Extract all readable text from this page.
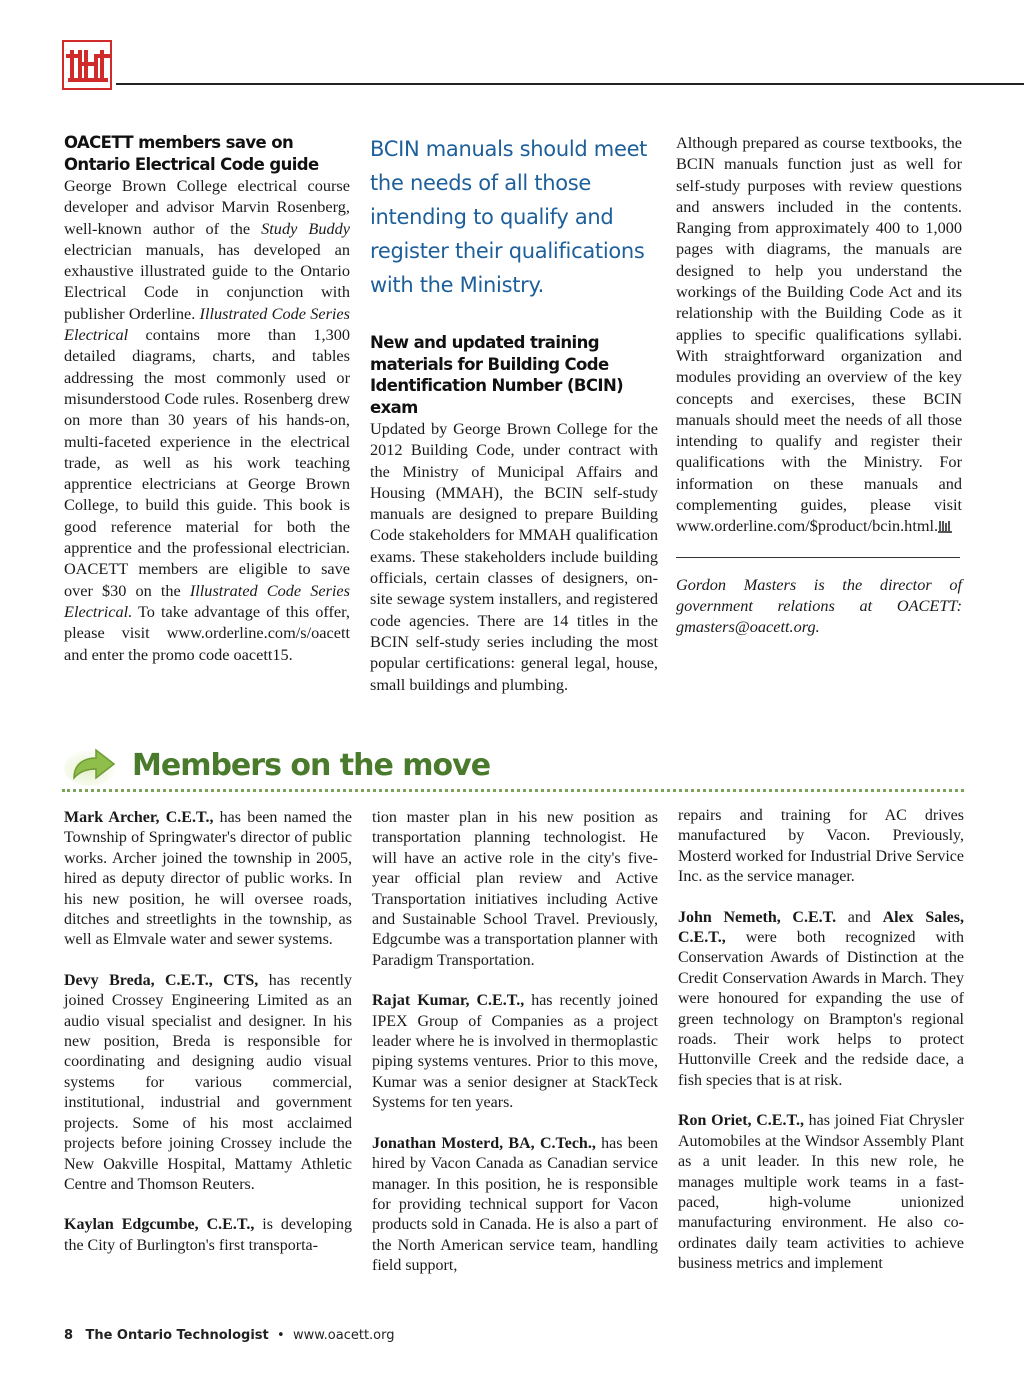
OACETT members save on Ontario Electrical Code guide

George Brown College electrical course developer and advisor Marvin Rosenberg, well-known author of the Study Buddy electrician manuals, has developed an exhaustive illustrated guide to the Ontario Electrical Code in conjunction with publisher Orderline. Illustrated Code Series Electrical contains more than 1,300 detailed diagrams, charts, and tables addressing the most commonly used or misunderstood Code rules. Rosenberg drew on more than 30 years of his hands-on, multi-faceted experience in the electrical trade, as well as his work teaching apprentice electricians at George Brown College, to build this guide. This book is good reference material for both the apprentice and the professional electrician. OACETT members are eligible to save over $30 on the Illustrated Code Series Electrical. To take advantage of this offer, please visit www.orderline.com/s/oacett and enter the promo code oacett15.

BCIN manuals should meet the needs of all those intending to qualify and register their qualifications with the Ministry.

New and updated training materials for Building Code Identification Number (BCIN) exam

Updated by George Brown College for the 2012 Building Code, under contract with the Ministry of Municipal Affairs and Housing (MMAH), the BCIN self-study manuals are designed to prepare Building Code stakeholders for MMAH qualification exams. These stakeholders include building officials, certain classes of designers, on-site sewage system installers, and registered code agencies. There are 14 titles in the BCIN self-study series including the most popular certifications: general legal, house, small buildings and plumbing.

Although prepared as course textbooks, the BCIN manuals function just as well for self-study purposes with review questions and answers included in the contents. Ranging from approximately 400 to 1,000 pages with diagrams, the manuals are designed to help you understand the workings of the Building Code Act and its relationship with the Building Code as it applies to specific qualifications syllabi. With straightforward organization and modules providing an overview of the key concepts and exercises, these BCIN manuals should meet the needs of all those intending to qualify and register their qualifications with the Ministry. For information on these manuals and complementing guides, please visit www.orderline.com/$product/bcin.html.

Gordon Masters is the director of government relations at OACETT: gmasters@oacett.org.

Members on the move

Mark Archer, C.E.T., has been named the Township of Springwater's director of public works. Archer joined the township in 2005, hired as deputy director of public works. In his new position, he will oversee roads, ditches and streetlights in the township, as well as Elmvale water and sewer systems.

Devy Breda, C.E.T., CTS, has recently joined Crossey Engineering Limited as an audio visual specialist and designer. In his new position, Breda is responsible for coordinating and designing audio visual systems for various commercial, institutional, industrial and government projects. Some of his most acclaimed projects before joining Crossey include the New Oakville Hospital, Mattamy Athletic Centre and Thomson Reuters.

Kaylan Edgcumbe, C.E.T., is developing the City of Burlington's first transporta-

tion master plan in his new position as transportation planning technologist. He will have an active role in the city's five-year official plan review and Active Transportation initiatives including Active and Sustainable School Travel. Previously, Edgcumbe was a transportation planner with Paradigm Transportation.

Rajat Kumar, C.E.T., has recently joined IPEX Group of Companies as a project leader where he is involved in thermoplastic piping systems ventures. Prior to this move, Kumar was a senior designer at StackTeck Systems for ten years.

Jonathan Mosterd, BA, C.Tech., has been hired by Vacon Canada as Canadian service manager. In this position, he is responsible for providing technical support for Vacon products sold in Canada. He is also a part of the North American service team, handling field support,

repairs and training for AC drives manufactured by Vacon. Previously, Mosterd worked for Industrial Drive Service Inc. as the service manager.

John Nemeth, C.E.T. and Alex Sales, C.E.T., were both recognized with Conservation Awards of Distinction at the Credit Conservation Awards in March. They were honoured for expanding the use of green technology on Brampton's regional roads. Their work helps to protect Huttonville Creek and the redside dace, a fish species that is at risk.

Ron Oriet, C.E.T., has joined Fiat Chrysler Automobiles at the Windsor Assembly Plant as a unit leader. In this new role, he manages multiple work teams in a fast-paced, high-volume unionized manufacturing environment. He also co-ordinates daily team activities to achieve business metrics and implement

8 The Ontario Technologist • www.oacett.org
